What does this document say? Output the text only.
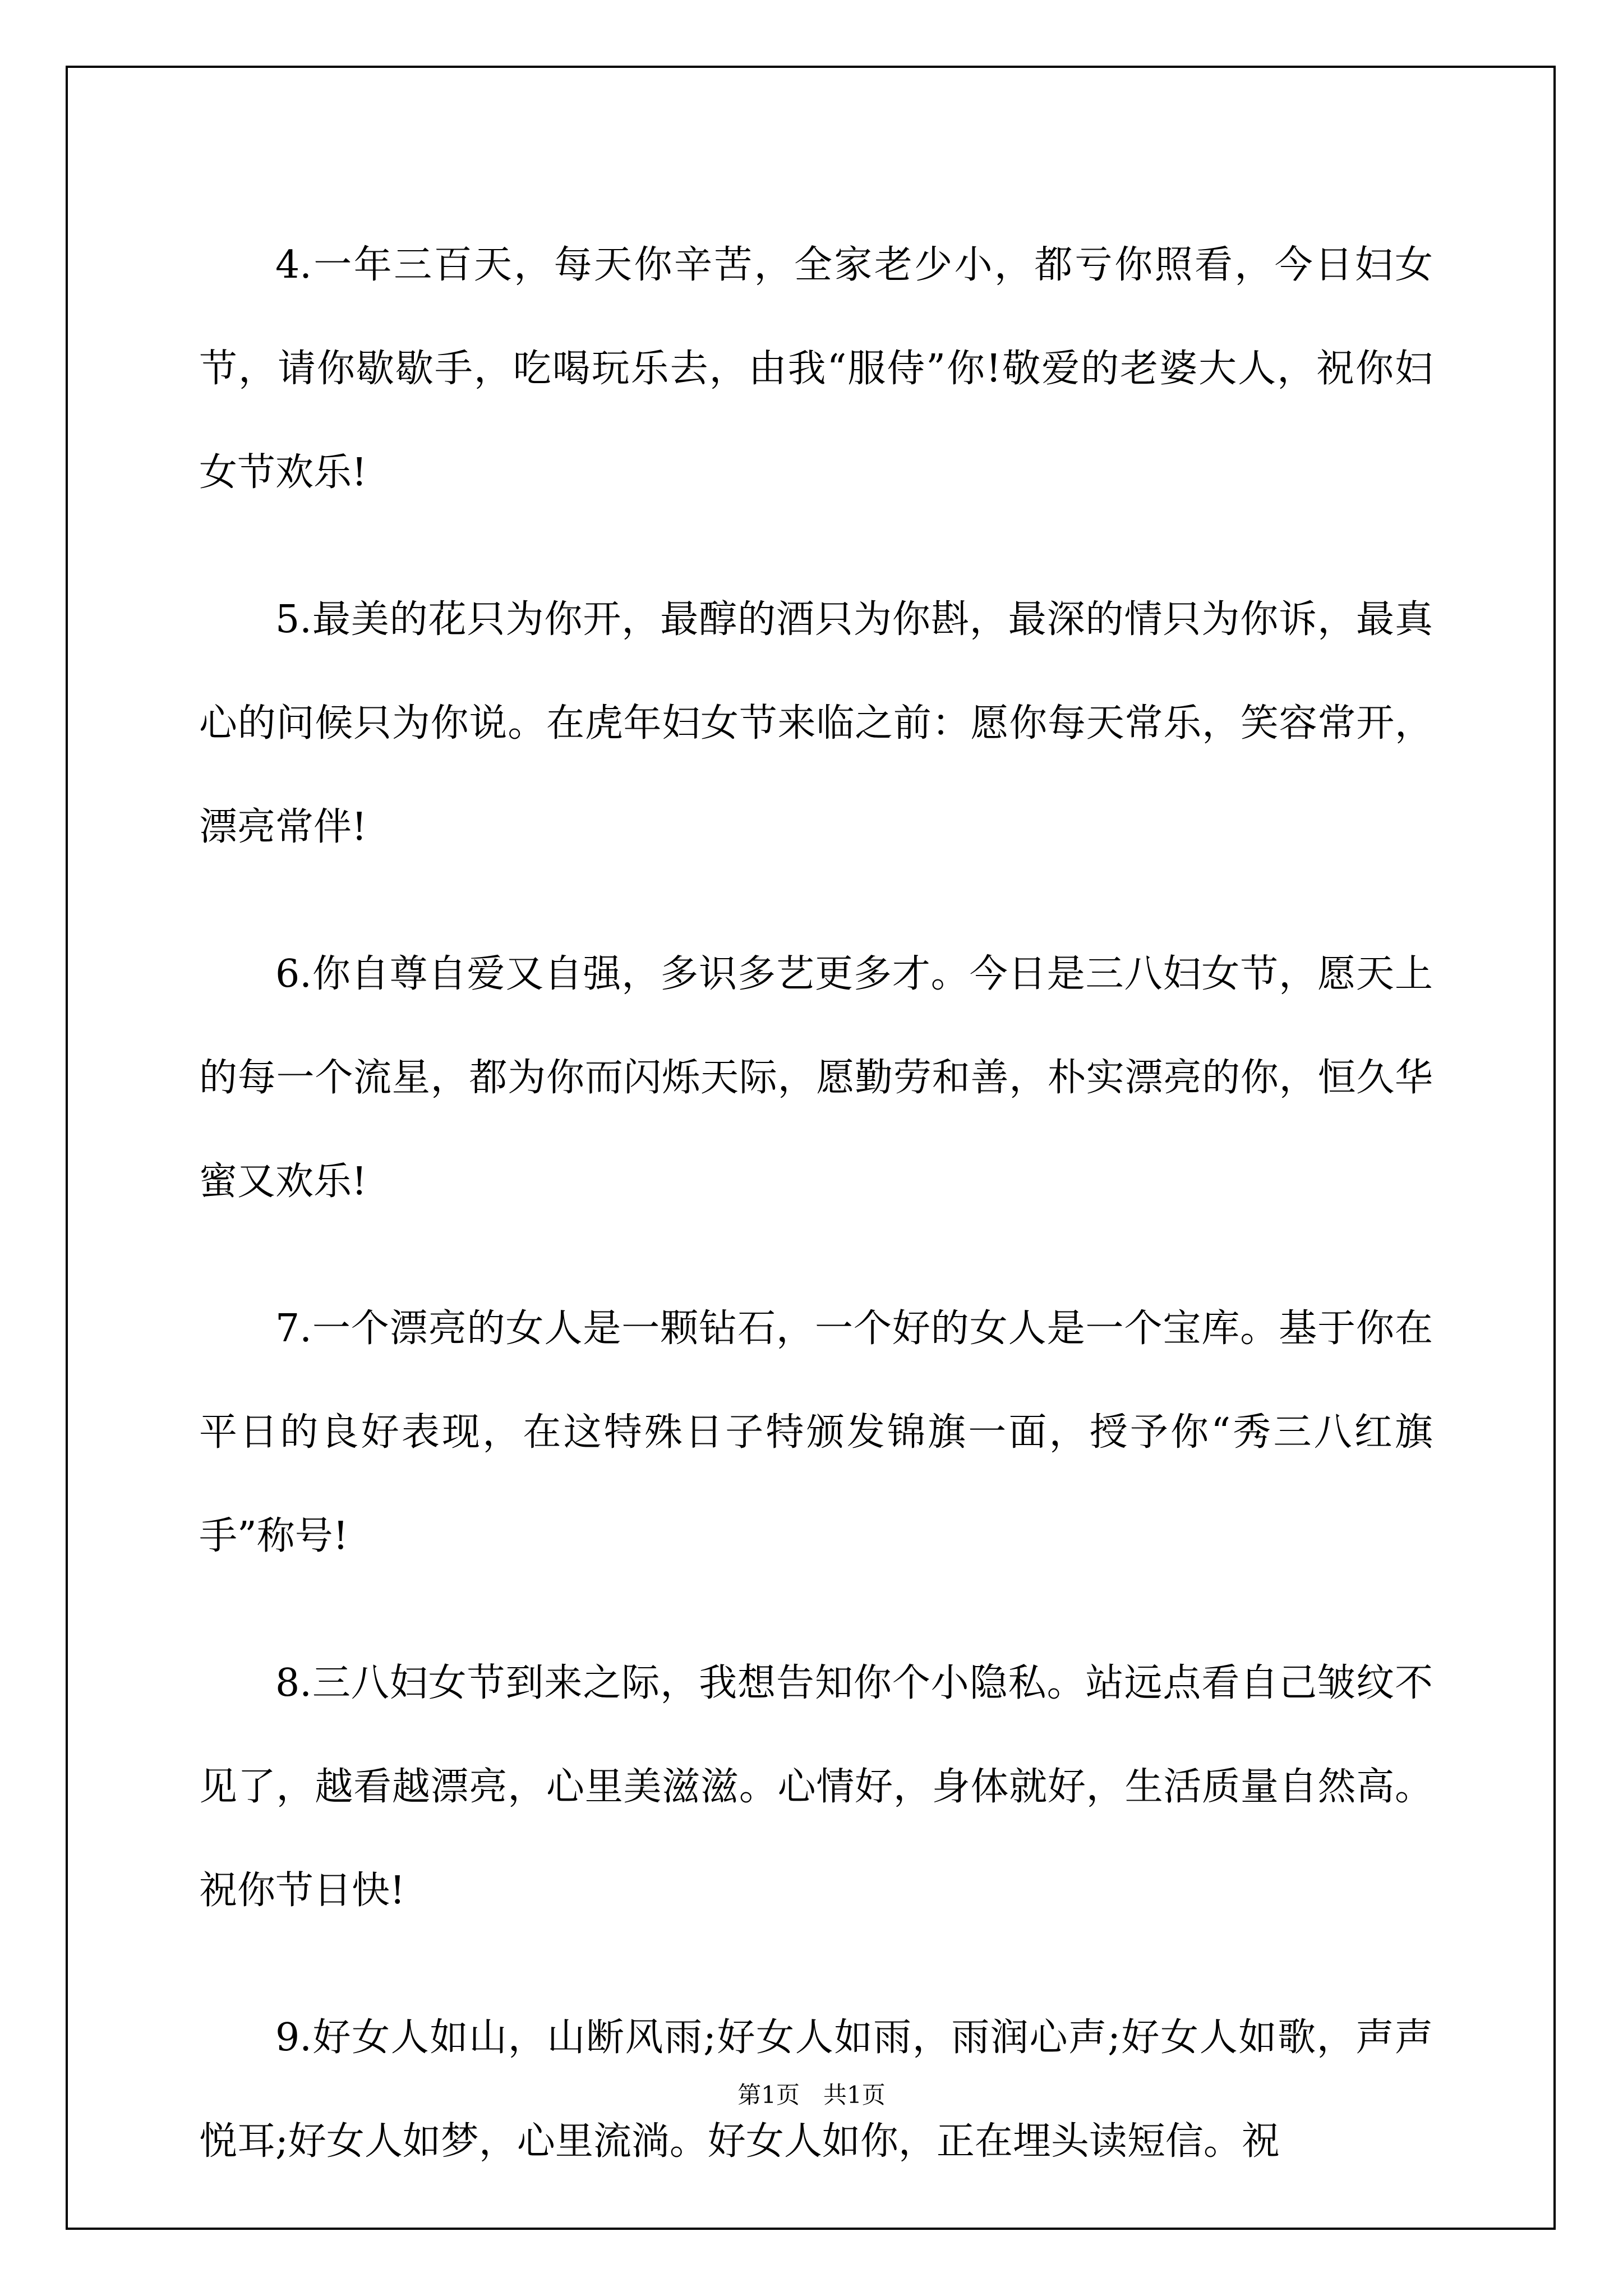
4.一年三百天，每天你辛苦，全家老少小，都亏你照看，今日妇女节，请你歇歇手，吃喝玩乐去，由我“服侍”你!敬爱的老婆大人，祝你妇女节欢乐!

5.最美的花只为你开，最醇的酒只为你斟，最深的情只为你诉，最真心的问候只为你说。在虎年妇女节来临之前：愿你每天常乐，笑容常开，漂亮常伴!

6.你自尊自爱又自强，多识多艺更多才。今日是三八妇女节，愿天上的每一个流星，都为你而闪烁天际，愿勤劳和善，朴实漂亮的你，恒久华蜜又欢乐!

7.一个漂亮的女人是一颗钻石，一个好的女人是一个宝库。基于你在平日的良好表现，在这特殊日子特颁发锦旗一面，授予你“秀三八红旗手”称号!

8.三八妇女节到来之际，我想告知你个小隐私。站远点看自己皱纹不见了，越看越漂亮，心里美滋滋。心情好，身体就好，生活质量自然高。祝你节日快!

9.好女人如山，山断风雨;好女人如雨，雨润心声;好女人如歌，声声悦耳;好女人如梦，心里流淌。好女人如你，正在埋头读短信。祝

第1页　共1页
